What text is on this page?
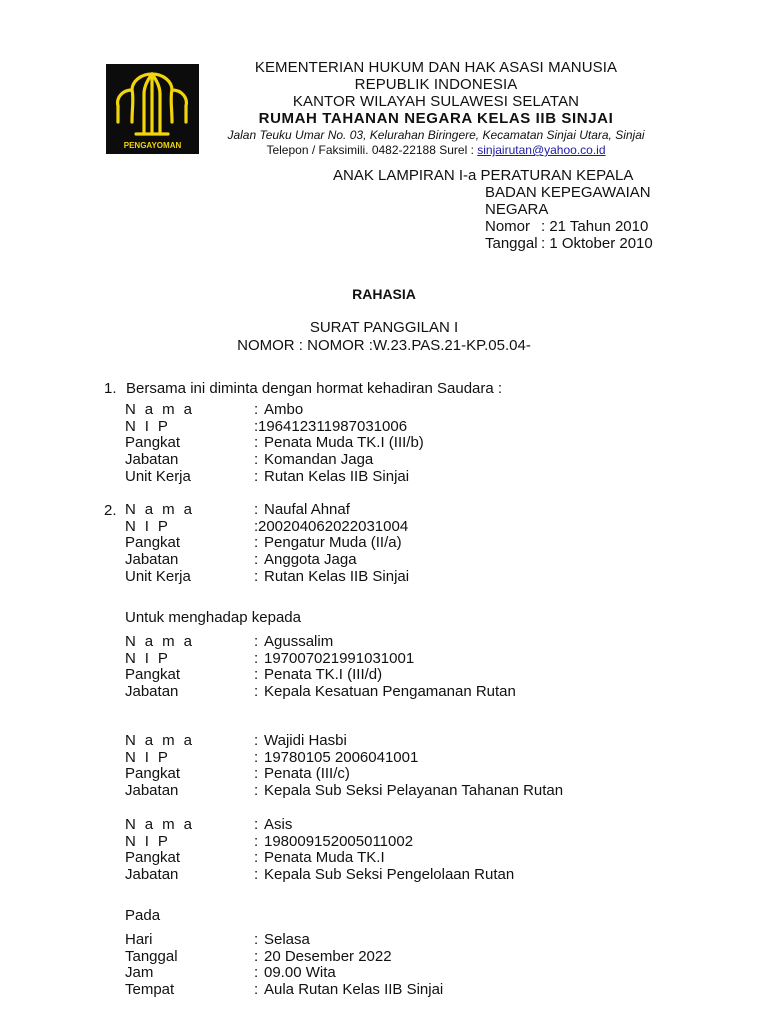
PENGAYOMAN
KEMENTERIAN HUKUM DAN HAK ASASI MANUSIA
REPUBLIK INDONESIA
KANTOR WILAYAH SULAWESI SELATAN
RUMAH TAHANAN NEGARA KELAS IIB SINJAI
Jalan Teuku Umar No. 03, Kelurahan Biringere, Kecamatan Sinjai Utara, Sinjai
Telepon / Faksimili. 0482-22188 Surel : sinjairutan@yahoo.co.id
ANAK LAMPIRAN I-a PERATURAN KEPALA
BADAN KEPEGAWAIAN
NEGARA
Nomor : 21 Tahun 2010
Tanggal : 1 Oktober 2010
RAHASIA
SURAT PANGGILAN I
NOMOR : NOMOR :W.23.PAS.21-KP.05.04-
1. Bersama ini diminta dengan hormat kehadiran Saudara :
N a m a	: Ambo
N I P	:196412311987031006
Pangkat	: Penata Muda TK.I (III/b)
Jabatan	: Komandan Jaga
Unit Kerja	: Rutan Kelas IIB Sinjai
2. N a m a	: Naufal Ahnaf
N I P	:200204062022031004
Pangkat	: Pengatur Muda (II/a)
Jabatan	: Anggota Jaga
Unit Kerja	: Rutan Kelas IIB Sinjai
Untuk menghadap kepada
N a m a	: Agussalim
N I P	: 197007021991031001
Pangkat	: Penata TK.I (III/d)
Jabatan	: Kepala Kesatuan Pengamanan Rutan
N a m a	: Wajidi Hasbi
N I P	: 19780105 2006041001
Pangkat	: Penata (III/c)
Jabatan	: Kepala Sub Seksi Pelayanan Tahanan Rutan
N a m a	: Asis
N I P	: 198009152005011002
Pangkat	: Penata Muda TK.I
Jabatan	: Kepala Sub Seksi Pengelolaan Rutan
Pada
Hari	: Selasa
Tanggal	: 20 Desember 2022
Jam	: 09.00 Wita
Tempat	: Aula Rutan Kelas IIB Sinjai
